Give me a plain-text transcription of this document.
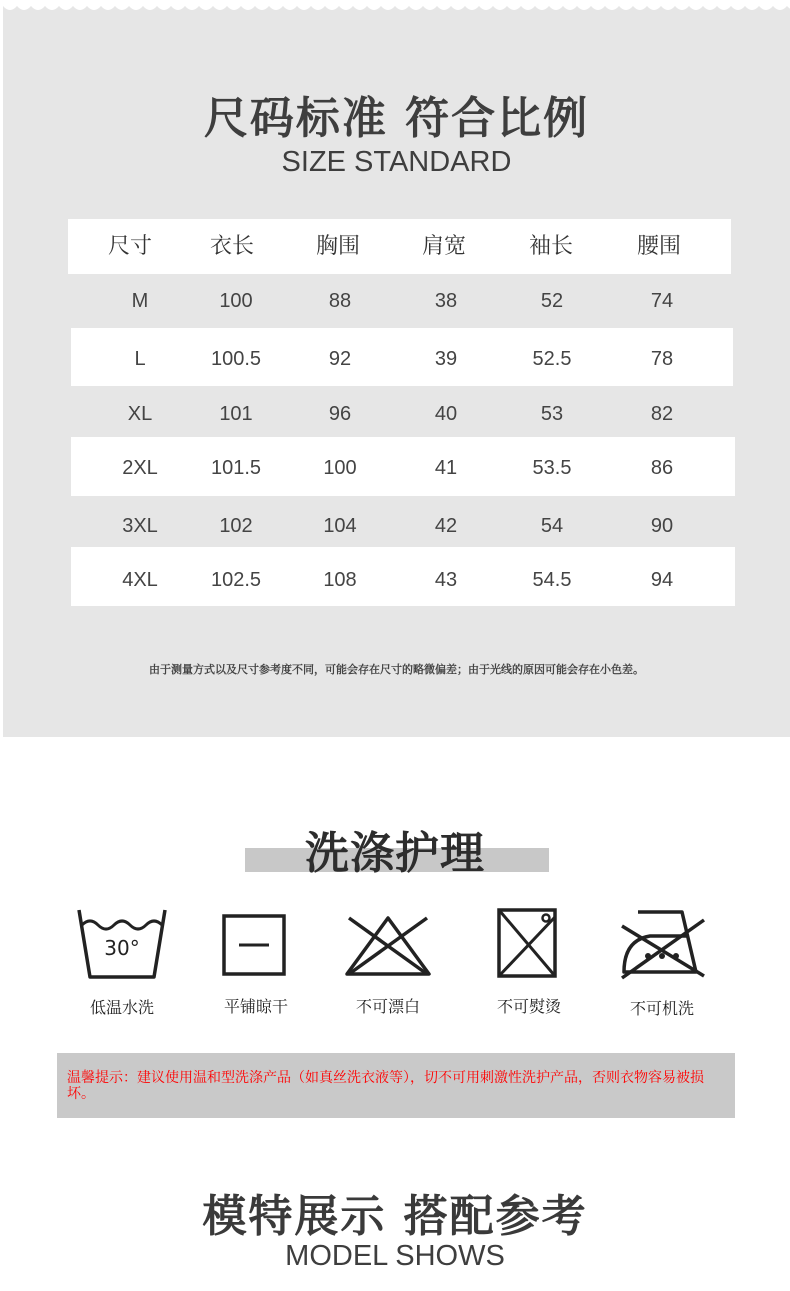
尺码标准 符合比例
SIZE STANDARD
尺寸	衣长	胸围	肩宽	袖长	腰围
M	100	88	38	52	74
L	100.5	92	39	52.5	78
XL	101	96	40	53	82
2XL	101.5	100	41	53.5	86
3XL	102	104	42	54	90
4XL	102.5	108	43	54.5	94
由于测量方式以及尺寸参考度不同，可能会存在尺寸的略微偏差；由于光线的原因可能会存在小色差。
洗涤护理
30°
低温水洗	平铺晾干	不可漂白	不可熨烫	不可机洗
温馨提示：建议使用温和型洗涤产品（如真丝洗衣液等），切不可用刺激性洗护产品，否则衣物容易被损坏。
模特展示 搭配参考
MODEL SHOWS
